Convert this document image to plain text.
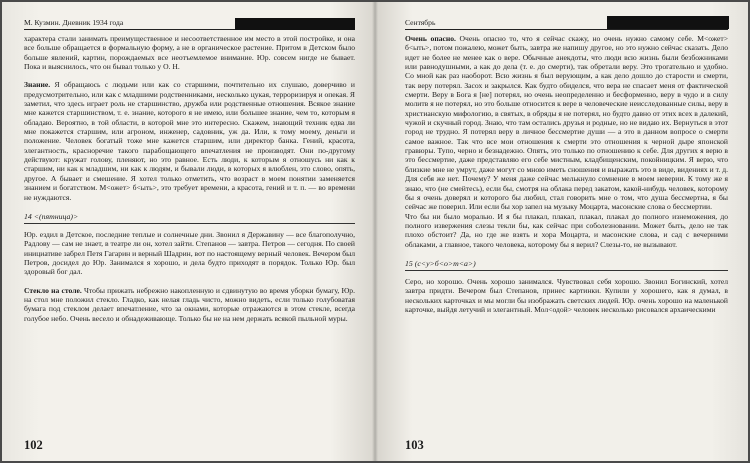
М. Кузмин. Дневник 1934 года

характера стали занимать преимущественное и несоответственное им место в этой постройке, и она все больше обращается в формальную форму, а не в органическое растение. Притом в Детском было больше явлений, картин, порождаемых все неотъемлемое внимание. Юр. совсем нигде не бывает. Пока и выяснилось, что он бывал только у О. Н.

Знание. Я обращаюсь с людьми или как со старшими, почтительно их слушаю, доверчиво и предусмотрительно, или как с младшими родственниками, несколько цукая, терроризируя и опекая. Я заметил, что здесь играет роль не старшинство, дружба или родственные отношения. Всякое знание мне кажется старшинством, т. е. знание, которого я не имею, или большее знание, чем то, которым я обладаю. Вероятно, в той области, в которой мне это интересно. Скажем, знающий техник едва ли мне покажется старшим, или агроном, инженер, садовник, уж да. Или, к тому моему, деньги и положение. Человек богатый тоже мне кажется старшим, или директор банка. Гений, красота, элегантность, красноречие такого парабощающего впечатления не производят. Они по-другому действуют: кружат голову, пленяют, но это равное. Есть люди, к которым я отношусь ни как к старшим, ни как к младшим, ни как к людям, и бывали люди, в которых я влюблен, это слово, опять, другое. А бывает и смешение. Я хотел только отметить, что возраст в моем понятии заменяется знанием и богатством. М<ожет> б<ыть>, это требует времени, а красота, гений и т. п. — во времени не нуждаются.

14 <(пятница)>

Юр. ездил в Детское, последние теплые и солнечные дни. Звонил я Державину — все благополучно, Радлову — сам не знает, в театре ли он, хотел зайти. Степанов — завтра. Петров — сегодня. По своей инициативе забрел Петя Гагарин и верный Шадрин, вот по настоящему верный человек. Вечером был Петров, досидел до Юр. Занимался я хорошо, и дела будто приходят в порядок. Только Юр. был здоровый бог дал.

Стекло на столе. Чтобы прижать небрежно накопленную и сдвинутую во время уборки бумагу, Юр. на стол мне положил стекло. Гладко, как нелая гладь чисто, можно видеть, если только голубоватая бумага под стеклом делает впечатление, что за окнами, которые отражаются в этом стекле, всегда голубое небо. Очень весело и обнадеживающе. Только бы не на нем держать всякой пыльной муры.

102
Сентябрь

Очень опасно. Очень опасно то, что я сейчас скажу, но очень нужно самому себе. М<ожет> б<ыть>, потом пожалею, может быть, завтра же напишу другое, но это нужно сейчас сказать. Дело идет не более не менее как о вере. Обычные анекдоты, что люди всю жизнь были безбожниками или равнодушными, а как до дела (т. е. до смерти), так обретали веру. Это трогательно и удобно. Со мной как раз наоборот. Всю жизнь я был верующим, а как дело дошло до старости и смерти, так веру потерял. Засох и закрылся. Как будто обиделся, что вера не спасает меня от фактической смерти. Веру в Бога я [не] потерял, но очень неопределенно и бесформенно, веру в чудо и в силу молитв я не потерял, но это больше относится к вере в человеческие неисследованные силы, веру в христианскую мифологию, в святых, в обряды я не потерял, но будто давно от этих всех в далекий, чужой и скучный город. Знаю, что там остались друзья и родные, но не видаю их. Вернуться в этот город не трудно. Я потерял веру в личное бессмертие души — а это в данном вопросе о смерти самое важное. Так что все мои отношения к смерти это отношения к черной дыре японской гравюры. Тупо, черно и безнадежно. Опять, это только по отношению к себе. Для других я верю в это бессмертие, даже представляю его себе мистным, кладбищенским, покойницким. Я верю, что близкие мне не умрут, даже могут со мною иметь сношения и выражать это в виде, видениях и т. д. Для себя же нет. Почему? У меня даже сейчас мелькнуло сомнение в моем неверии. К тому же я знаю, что (не смейтесь), если бы, смотря на облака перед закатом, какой-нибудь человек, которому бы я очень доверял и которого бы любил, стал говорить мне о том, что душа бессмертна, я бы сейчас же поверил. Или если бы хор запел на музыку Моцарта, масонские слова о бессмертии.

Что бы ни было моралью. И я бы плакал, плакал, плакал, плакал до полного изнеможения, до полного извержения слезы текли бы, как сейчас при соболезновании. Может быть, дело не так плохо обстоит? Да, но где же взять и хора Моцарта, и масонские слова, и сад с вечерними облаками, а главное, такого человека, которому бы я верил? Слезы-то, не вызывают.

15 (с<у>б<о>т<а>)

Серо, но хорошо. Очень хорошо занимался. Чувствовал себя хорошо. Звонил Богинский, хотел завтра придти. Вечером был Степанов, принес картинки. Купили у хорошего, как я думал, в нескольких карточках и мы могли бы изображать светских людей. Юр. очень хорошо на маленькой карточке, выйдя летучий и элегантный. Мол<одой> человек несколько рисовался архаическими

103
